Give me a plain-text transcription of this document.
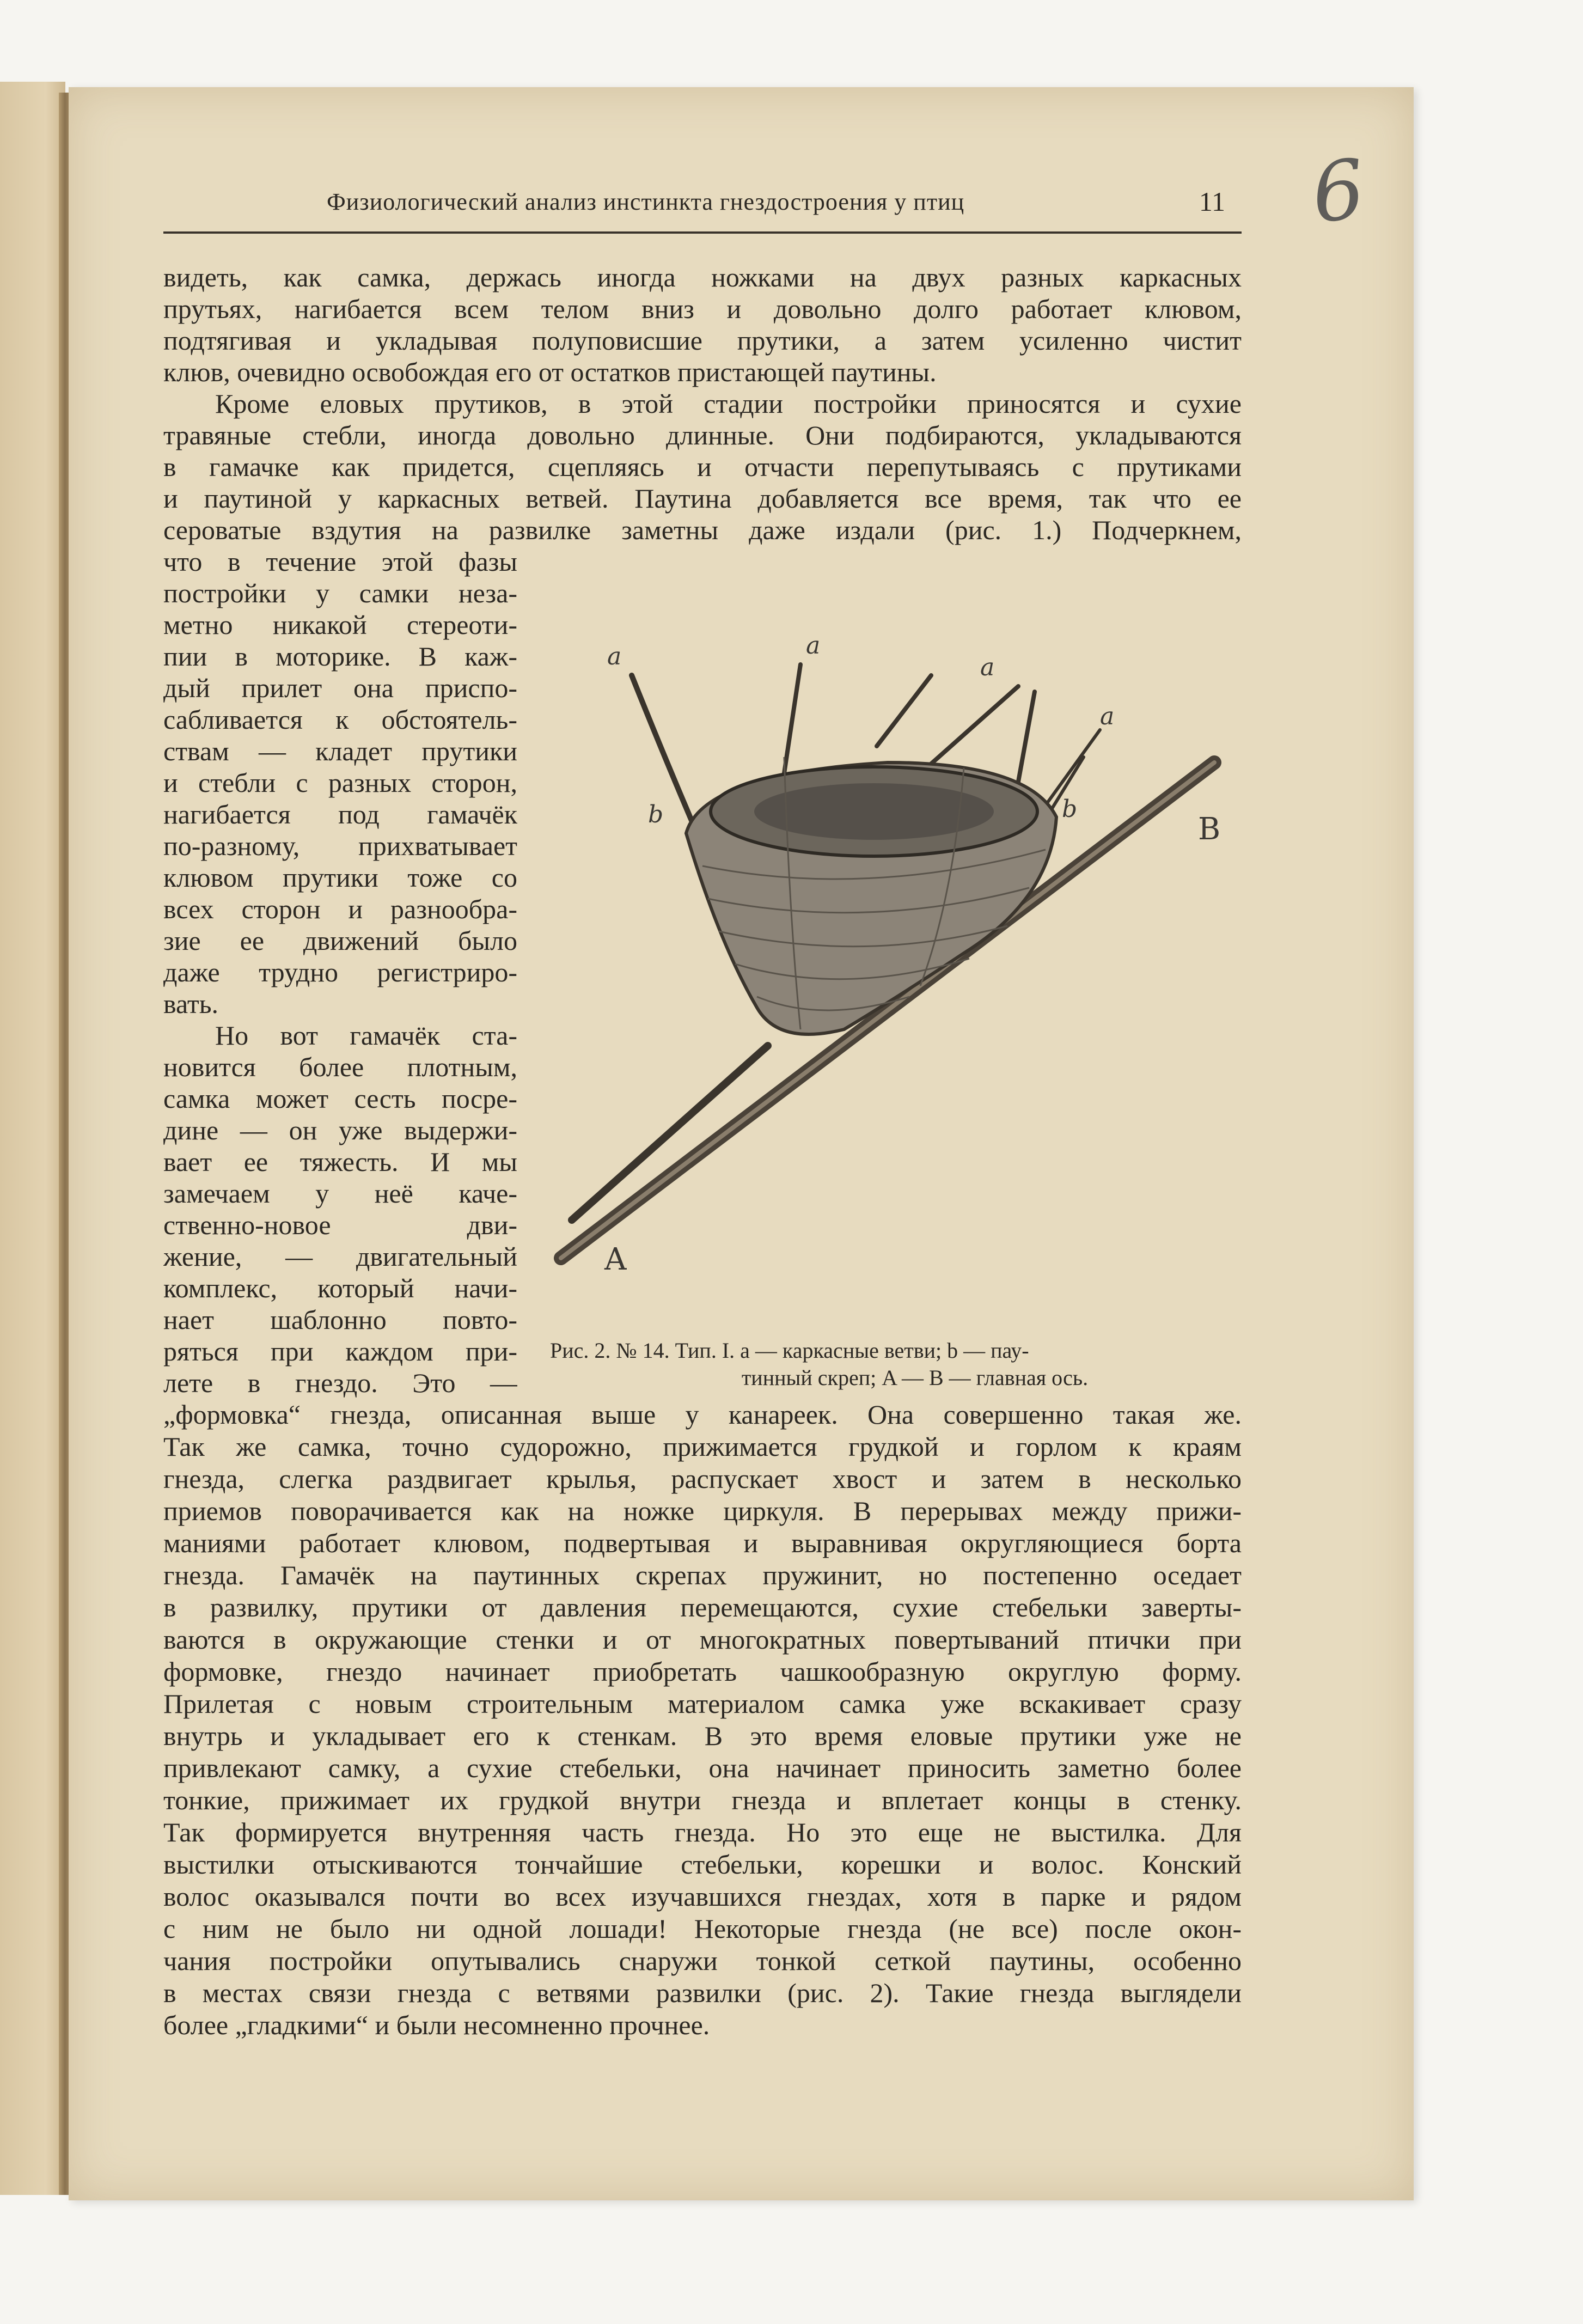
6
Физиологический анализ инстинкта гнездостроения у птиц	11
видеть, как самка, держась иногда ножками на двух разных каркасных
прутьях, нагибается всем телом вниз и довольно долго работает клювом,
подтягивая и укладывая полуповисшие прутики, а затем усиленно чистит
клюв, очевидно освобождая его от остатков пристающей паутины.
Кроме еловых прутиков, в этой стадии постройки приносятся и сухие
травяные стебли, иногда довольно длинные. Они подбираются, укладываются
в гамачке как придется, сцепляясь и отчасти перепутываясь с прутиками
и паутиной у каркасных ветвей. Паутина добавляется все время, так что ее
сероватые вздутия на развилке заметны даже издали (рис. 1.) Подчеркнем,
что в течение этой фазы
постройки у самки неза-
метно никакой стереоти-
пии в моторике. В каж-
дый прилет она приспо-
сабливается к обстоятель-
ствам — кладет прутики
и стебли с разных сторон,
нагибается под гамачёк
по-разному, прихватывает
клювом прутики тоже со
всех сторон и разнообра-
зие ее движений было
даже трудно регистриро-
вать.
Но вот гамачёк ста-
новится более плотным,
самка может сесть посре-
дине — он уже выдержи-
вает ее тяжесть. И мы
замечаем у неё каче-
ственно-новое дви-
жение, — двигательный
комплекс, который начи-
нает шаблонно повто-
ряться при каждом при-
лете в гнездо. Это —
„формовка“ гнезда, описанная выше у канареек. Она совершенно такая же.
Так же самка, точно судорожно, прижимается грудкой и горлом к краям
гнезда, слегка раздвигает крылья, распускает хвост и затем в несколько
приемов поворачивается как на ножке циркуля. В перерывах между прижи-
маниями работает клювом, подвертывая и выравнивая округляющиеся борта
гнезда. Гамачёк на паутинных скрепах пружинит, но постепенно оседает
в развилку, прутики от давления перемещаются, сухие стебельки заверты-
ваются в окружающие стенки и от многократных повертываний птички при
формовке, гнездо начинает приобретать чашкообразную округлую форму.
Прилетая с новым строительным материалом самка уже вскакивает сразу
внутрь и укладывает его к стенкам. В это время еловые прутики уже не
привлекают самку, а сухие стебельки, она начинает приносить заметно более
тонкие, прижимает их грудкой внутри гнезда и вплетает концы в стенку.
Так формируется внутренняя часть гнезда. Но это еще не выстилка. Для
выстилки отыскиваются тончайшие стебельки, корешки и волос. Конский
волос оказывался почти во всех изучавшихся гнездах, хотя в парке и рядом
с ним не было ни одной лошади! Некоторые гнезда (не все) после окон-
чания постройки опутывались снаружи тонкой сеткой паутины, особенно
в местах связи гнезда с ветвями развилки (рис. 2). Такие гнезда выглядели
более „гладкими“ и были несомненно прочнее.
a	a
a
a
b	b
B
A
Рис. 2. № 14. Тип. I. a — каркасные ветви; b — пау-
тинный скреп; A — B — главная ось.
